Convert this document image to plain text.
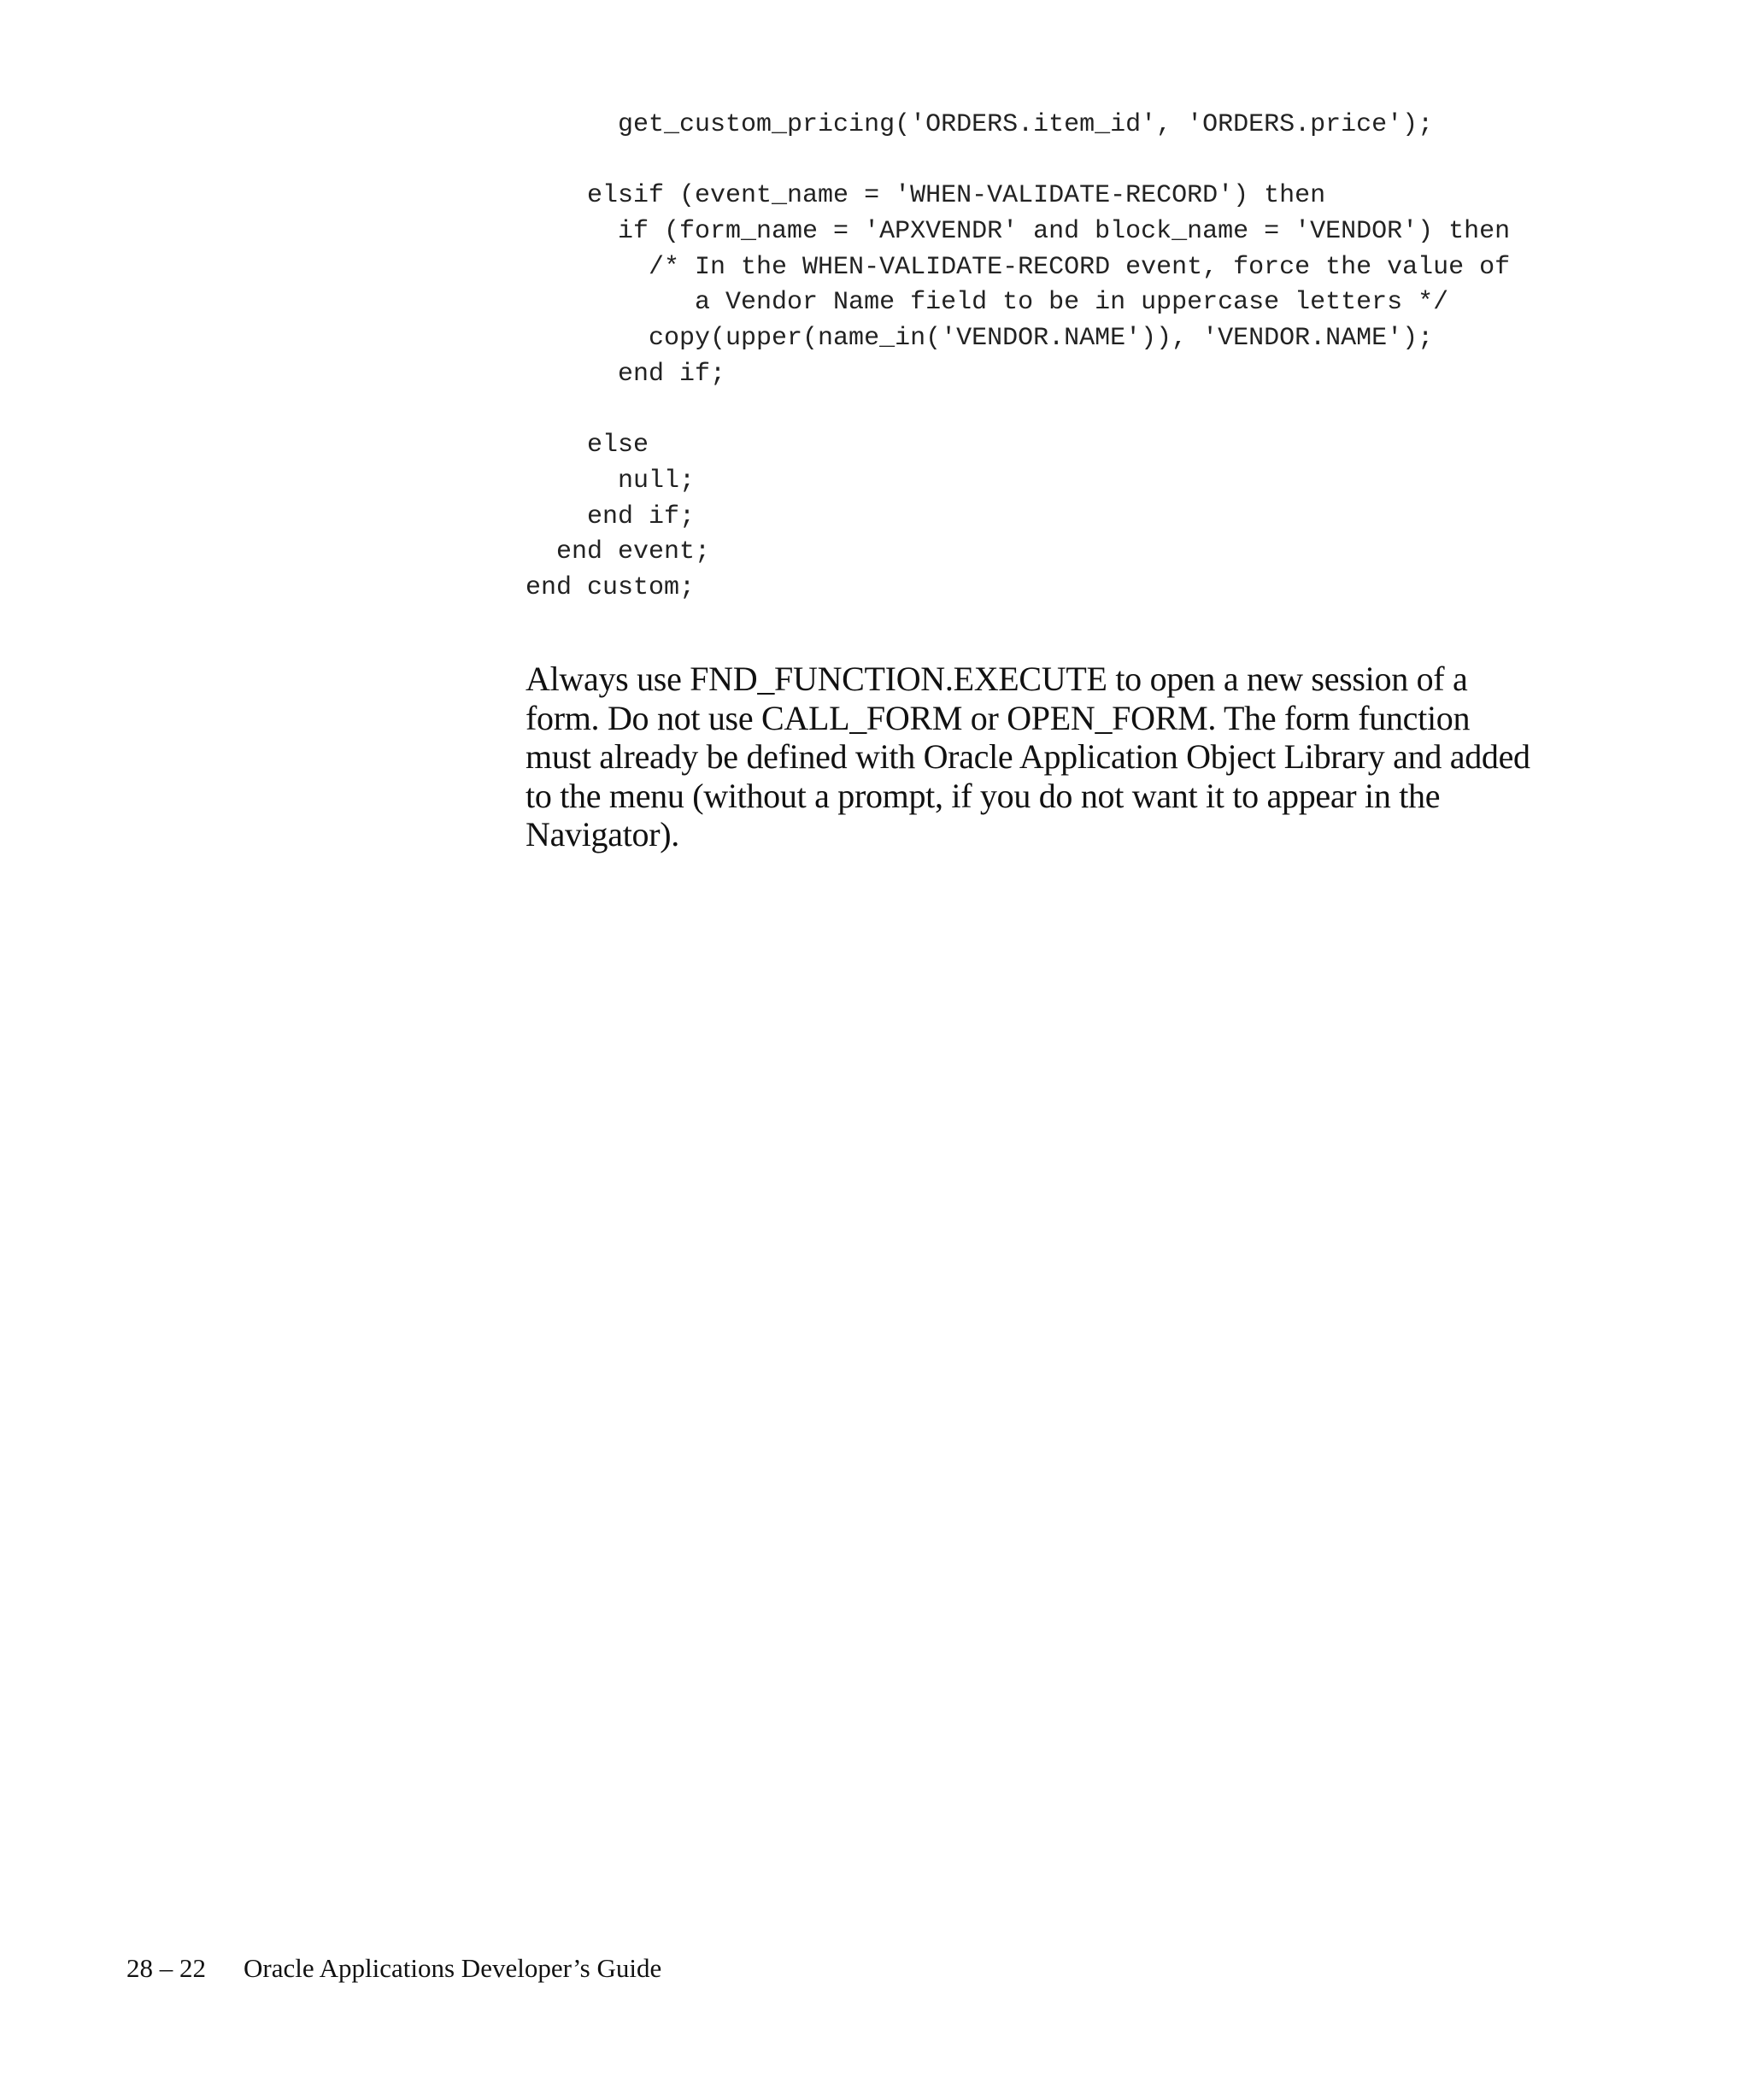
get_custom_pricing('ORDERS.item_id', 'ORDERS.price');
elsif (event_name = 'WHEN-VALIDATE-RECORD') then
if (form_name = 'APXVENDR' and block_name = 'VENDOR') then
/* In the WHEN-VALIDATE-RECORD event, force the value of
a Vendor Name field to be in uppercase letters */
copy(upper(name_in('VENDOR.NAME')), 'VENDOR.NAME');
end if;
else
null;
end if;
end event;
end custom;

Always use FND_FUNCTION.EXECUTE to open a new session of a form. Do not use CALL_FORM or OPEN_FORM. The form function must already be defined with Oracle Application Object Library and added to the menu (without a prompt, if you do not want it to appear in the Navigator).

28 – 22 Oracle Applications Developer’s Guide
